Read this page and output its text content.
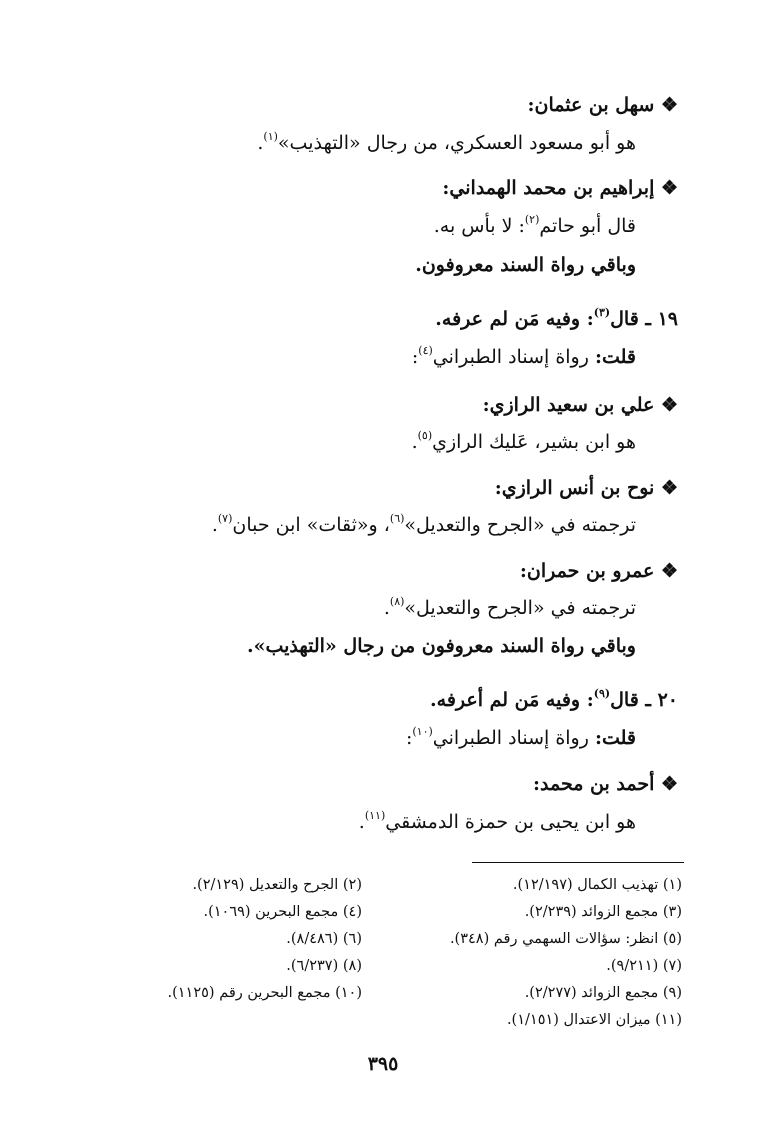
❖ سهل بن عثمان:
هو أبو مسعود العسكري، من رجال «التهذيب»$^{(١)}$.
❖ إبراهيم بن محمد الهمداني:
قال أبو حاتم$^{(٢)}$: لا بأس به.
وباقي رواة السند معروفون.
١٩ ـ قال$^{(٣)}$: وفيه مَن لم عرفه.
قلت: رواة إسناد الطبراني$^{(٤)}$:
❖ علي بن سعيد الرازي:
هو ابن بشير، عَليك الرازي$^{(٥)}$.
❖ نوح بن أنس الرازي:
ترجمته في «الجرح والتعديل»$^{(٦)}$، و«ثقات» ابن حبان$^{(٧)}$.
❖ عمرو بن حمران:
ترجمته في «الجرح والتعديل»$^{(٨)}$.
وباقي رواة السند معروفون من رجال «التهذيب».
٢٠ ـ قال$^{(٩)}$: وفيه مَن لم أعرفه.
قلت: رواة إسناد الطبراني$^{(١٠)}$:
❖ أحمد بن محمد:
هو ابن يحيى بن حمزة الدمشقي$^{(١١)}$.
(١) تهذيب الكمال (١٢/١٩٧).
(٣) مجمع الزوائد (٢/٢٣٩).
(٥) انظر: سؤالات السهمي رقم (٣٤٨).
(٧) (٩/٢١١).
(٩) مجمع الزوائد (٢/٢٧٧).
(١١) ميزان الاعتدال (١/١٥١).
(٢) الجرح والتعديل (٢/١٢٩).
(٤) مجمع البحرين (١٠٦٩).
(٦) (٨/٤٨٦).
(٨) (٦/٢٣٧).
(١٠) مجمع البحرين رقم (١١٢٥).
٣٩٥
